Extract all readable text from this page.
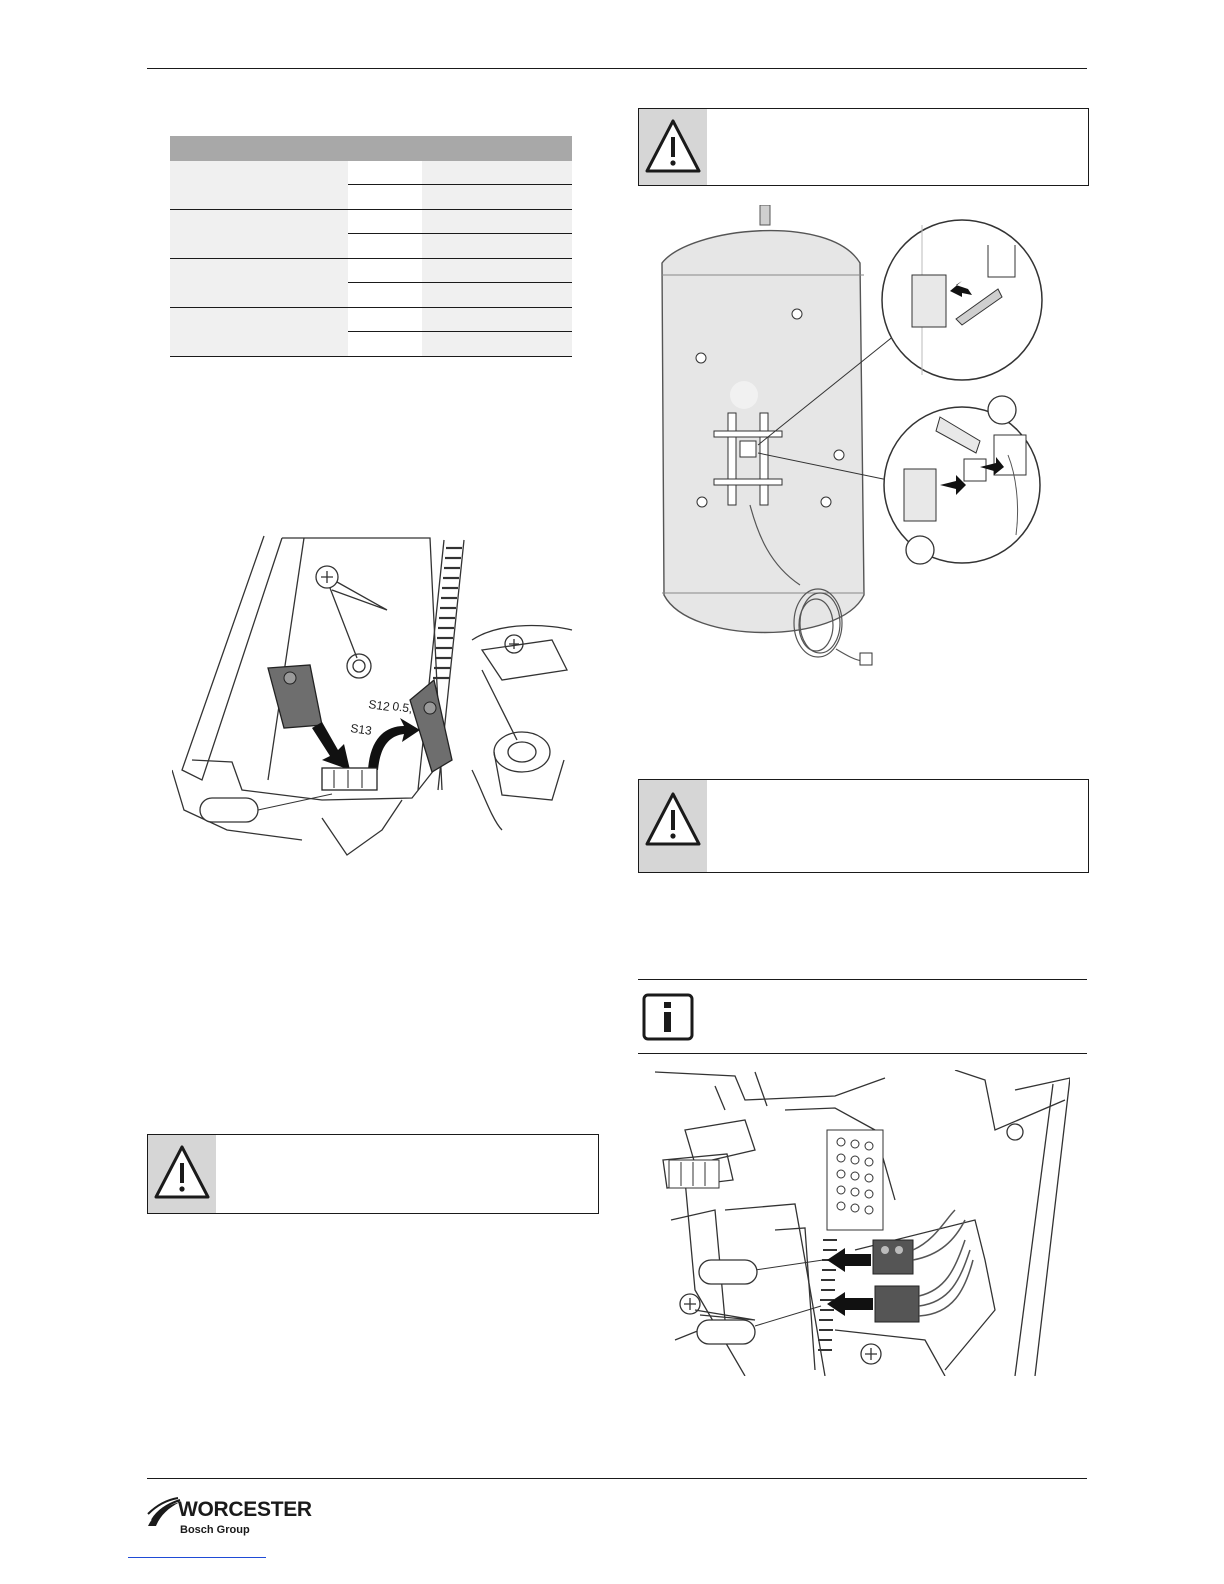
S12 0.5,
S13
WORCESTER
Bosch Group
